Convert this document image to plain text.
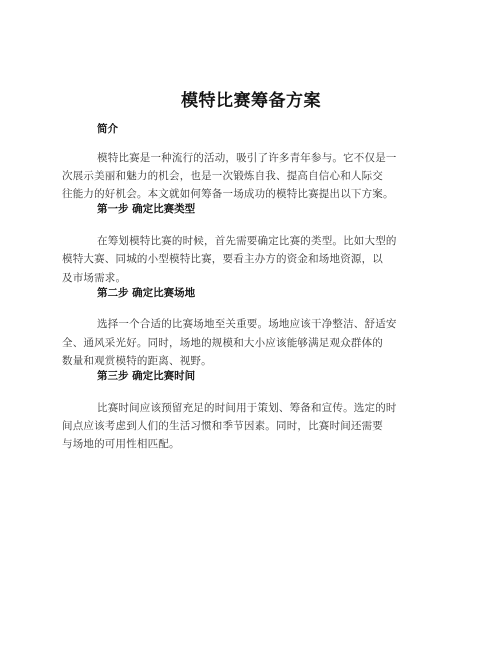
模特比赛筹备方案
简介

模特比赛是一种流行的活动，吸引了许多青年参与。它不仅是一

次展示美丽和魅力的机会，也是一次锻炼自我、提高自信心和人际交

往能力的好机会。本文就如何筹备一场成功的模特比赛提出以下方案。

第一步 确定比赛类型

在筹划模特比赛的时候，首先需要确定比赛的类型。比如大型的

模特大赛、同城的小型模特比赛，要看主办方的资金和场地资源，以

及市场需求。

第二步 确定比赛场地

选择一个合适的比赛场地至关重要。场地应该干净整洁、舒适安

全、通风采光好。同时，场地的规模和大小应该能够满足观众群体的

数量和观赏模特的距离、视野。

第三步 确定比赛时间

比赛时间应该预留充足的时间用于策划、筹备和宣传。选定的时

间点应该考虑到人们的生活习惯和季节因素。同时，比赛时间还需要

与场地的可用性相匹配。
